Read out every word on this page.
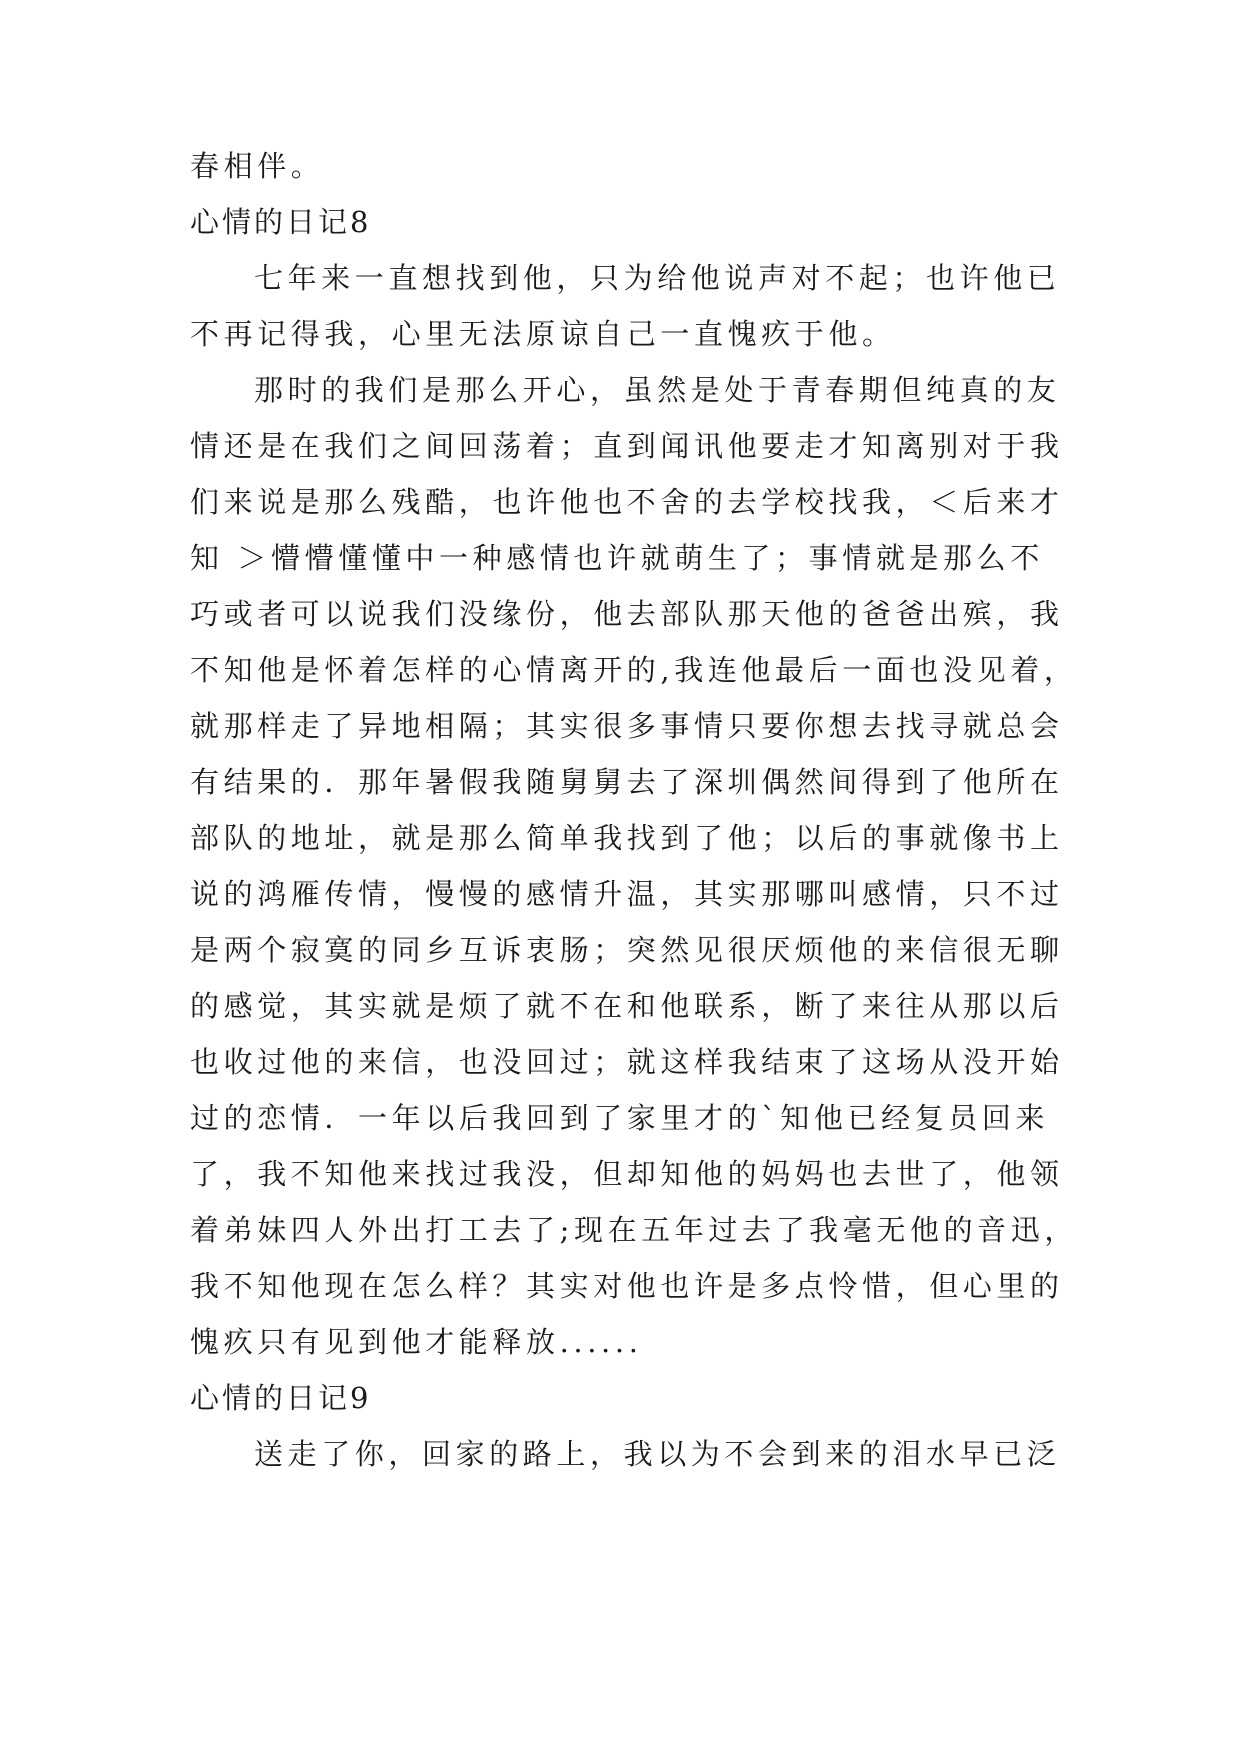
春相伴。
心情的日记8
七年来一直想找到他，只为给他说声对不起；也许他已
不再记得我，心里无法原谅自己一直愧疚于他。
那时的我们是那么开心，虽然是处于青春期但纯真的友
情还是在我们之间回荡着；直到闻讯他要走才知离别对于我
们来说是那么残酷，也许他也不舍的去学校找我，＜后来才
知 ＞懵懵懂懂中一种感情也许就萌生了；事情就是那么不
巧或者可以说我们没缘份，他去部队那天他的爸爸出殡，我
不知他是怀着怎样的心情离开的,我连他最后一面也没见着，
就那样走了异地相隔；其实很多事情只要你想去找寻就总会
有结果的．那年暑假我随舅舅去了深圳偶然间得到了他所在
部队的地址，就是那么简单我找到了他；以后的事就像书上
说的鸿雁传情，慢慢的感情升温，其实那哪叫感情，只不过
是两个寂寞的同乡互诉衷肠；突然见很厌烦他的来信很无聊
的感觉，其实就是烦了就不在和他联系，断了来往从那以后
也收过他的来信，也没回过；就这样我结束了这场从没开始
过的恋情．一年以后我回到了家里才的`知他已经复员回来
了，我不知他来找过我没，但却知他的妈妈也去世了，他领
着弟妹四人外出打工去了;现在五年过去了我毫无他的音迅，
我不知他现在怎么样？其实对他也许是多点怜惜，但心里的
愧疚只有见到他才能释放......
心情的日记9
送走了你，回家的路上，我以为不会到来的泪水早已泛
